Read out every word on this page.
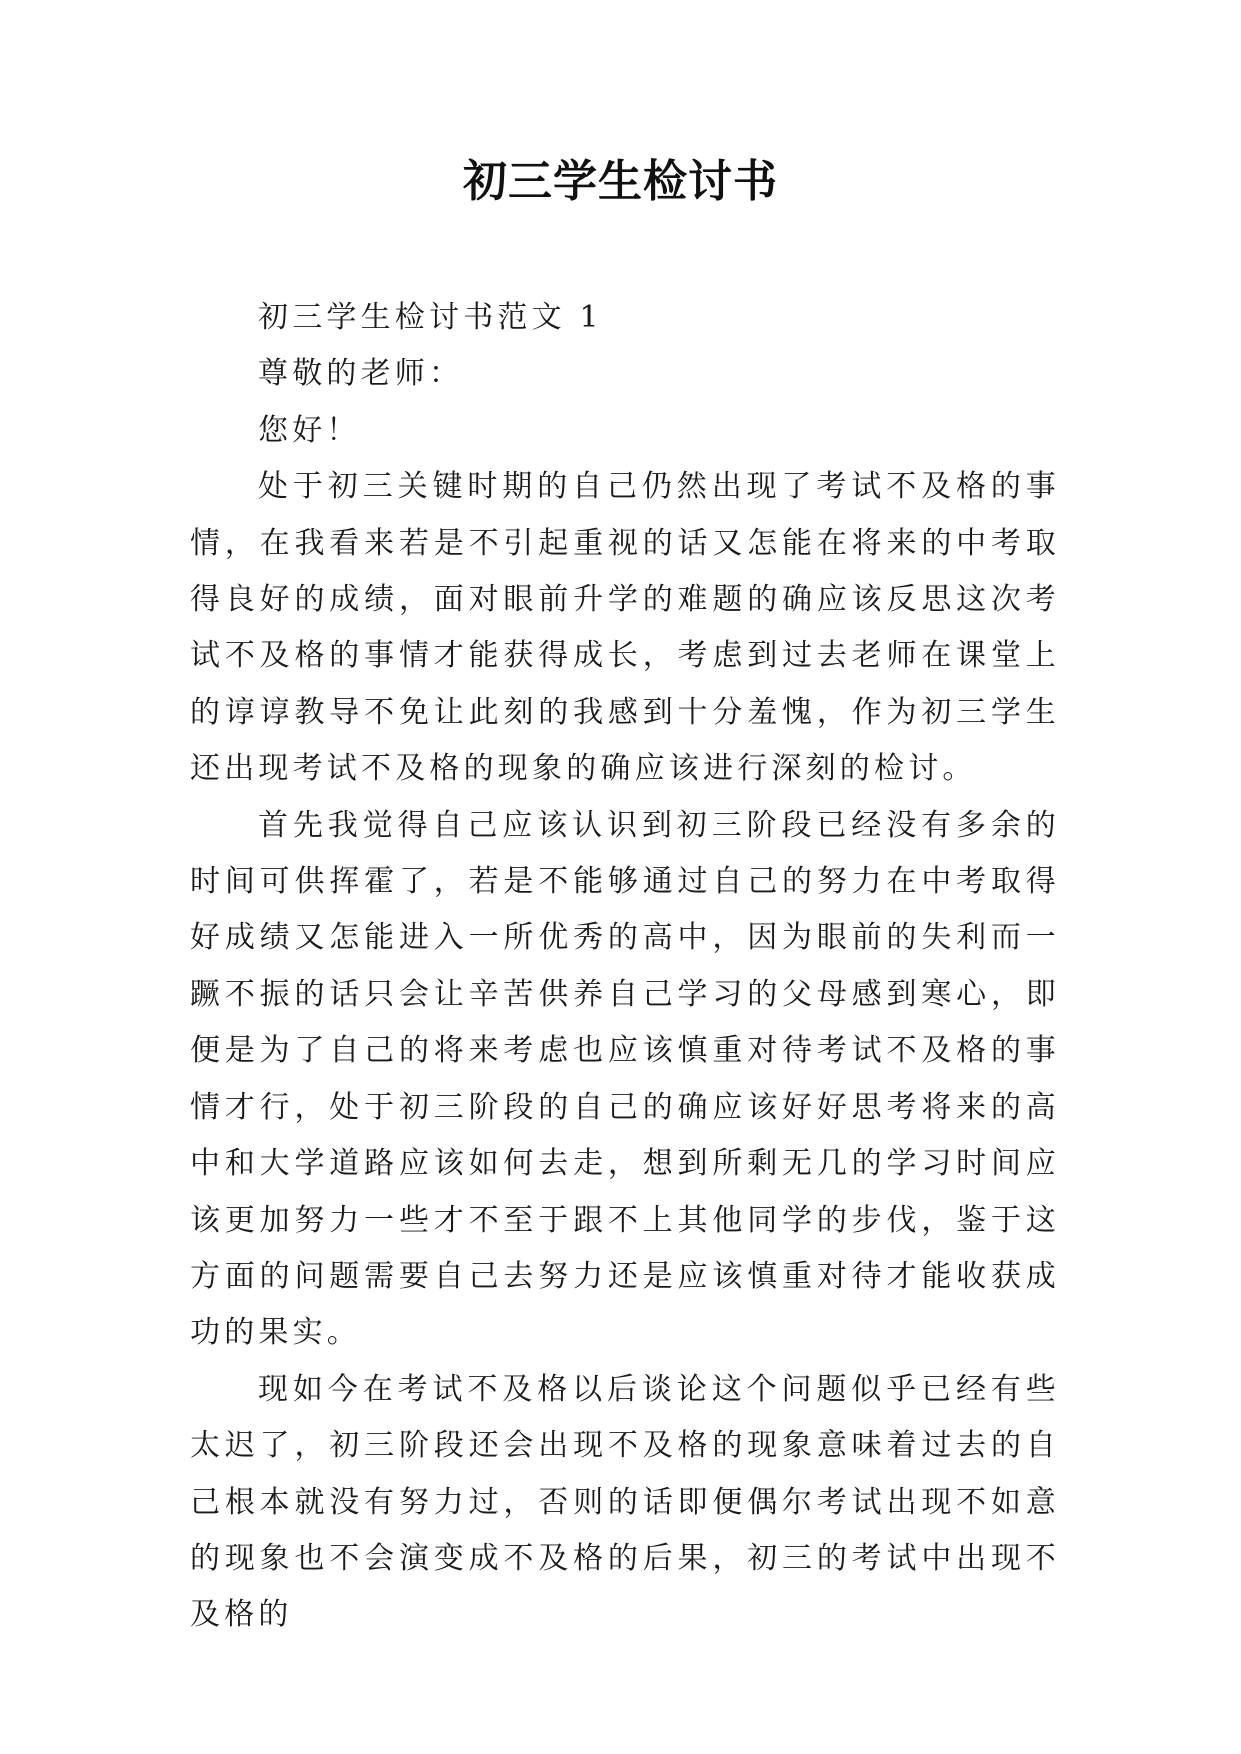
初三学生检讨书

初三学生检讨书范文 1

尊敬的老师：

您好！

处于初三关键时期的自己仍然出现了考试不及格的事情，在我看来若是不引起重视的话又怎能在将来的中考取得良好的成绩，面对眼前升学的难题的确应该反思这次考试不及格的事情才能获得成长，考虑到过去老师在课堂上的谆谆教导不免让此刻的我感到十分羞愧，作为初三学生还出现考试不及格的现象的确应该进行深刻的检讨。

首先我觉得自己应该认识到初三阶段已经没有多余的时间可供挥霍了，若是不能够通过自己的努力在中考取得好成绩又怎能进入一所优秀的高中，因为眼前的失利而一蹶不振的话只会让辛苦供养自己学习的父母感到寒心，即便是为了自己的将来考虑也应该慎重对待考试不及格的事情才行，处于初三阶段的自己的确应该好好思考将来的高中和大学道路应该如何去走，想到所剩无几的学习时间应该更加努力一些才不至于跟不上其他同学的步伐，鉴于这方面的问题需要自己去努力还是应该慎重对待才能收获成功的果实。

现如今在考试不及格以后谈论这个问题似乎已经有些太迟了，初三阶段还会出现不及格的现象意味着过去的自己根本就没有努力过，否则的话即便偶尔考试出现不如意的现象也不会演变成不及格的后果，初三的考试中出现不及格的
